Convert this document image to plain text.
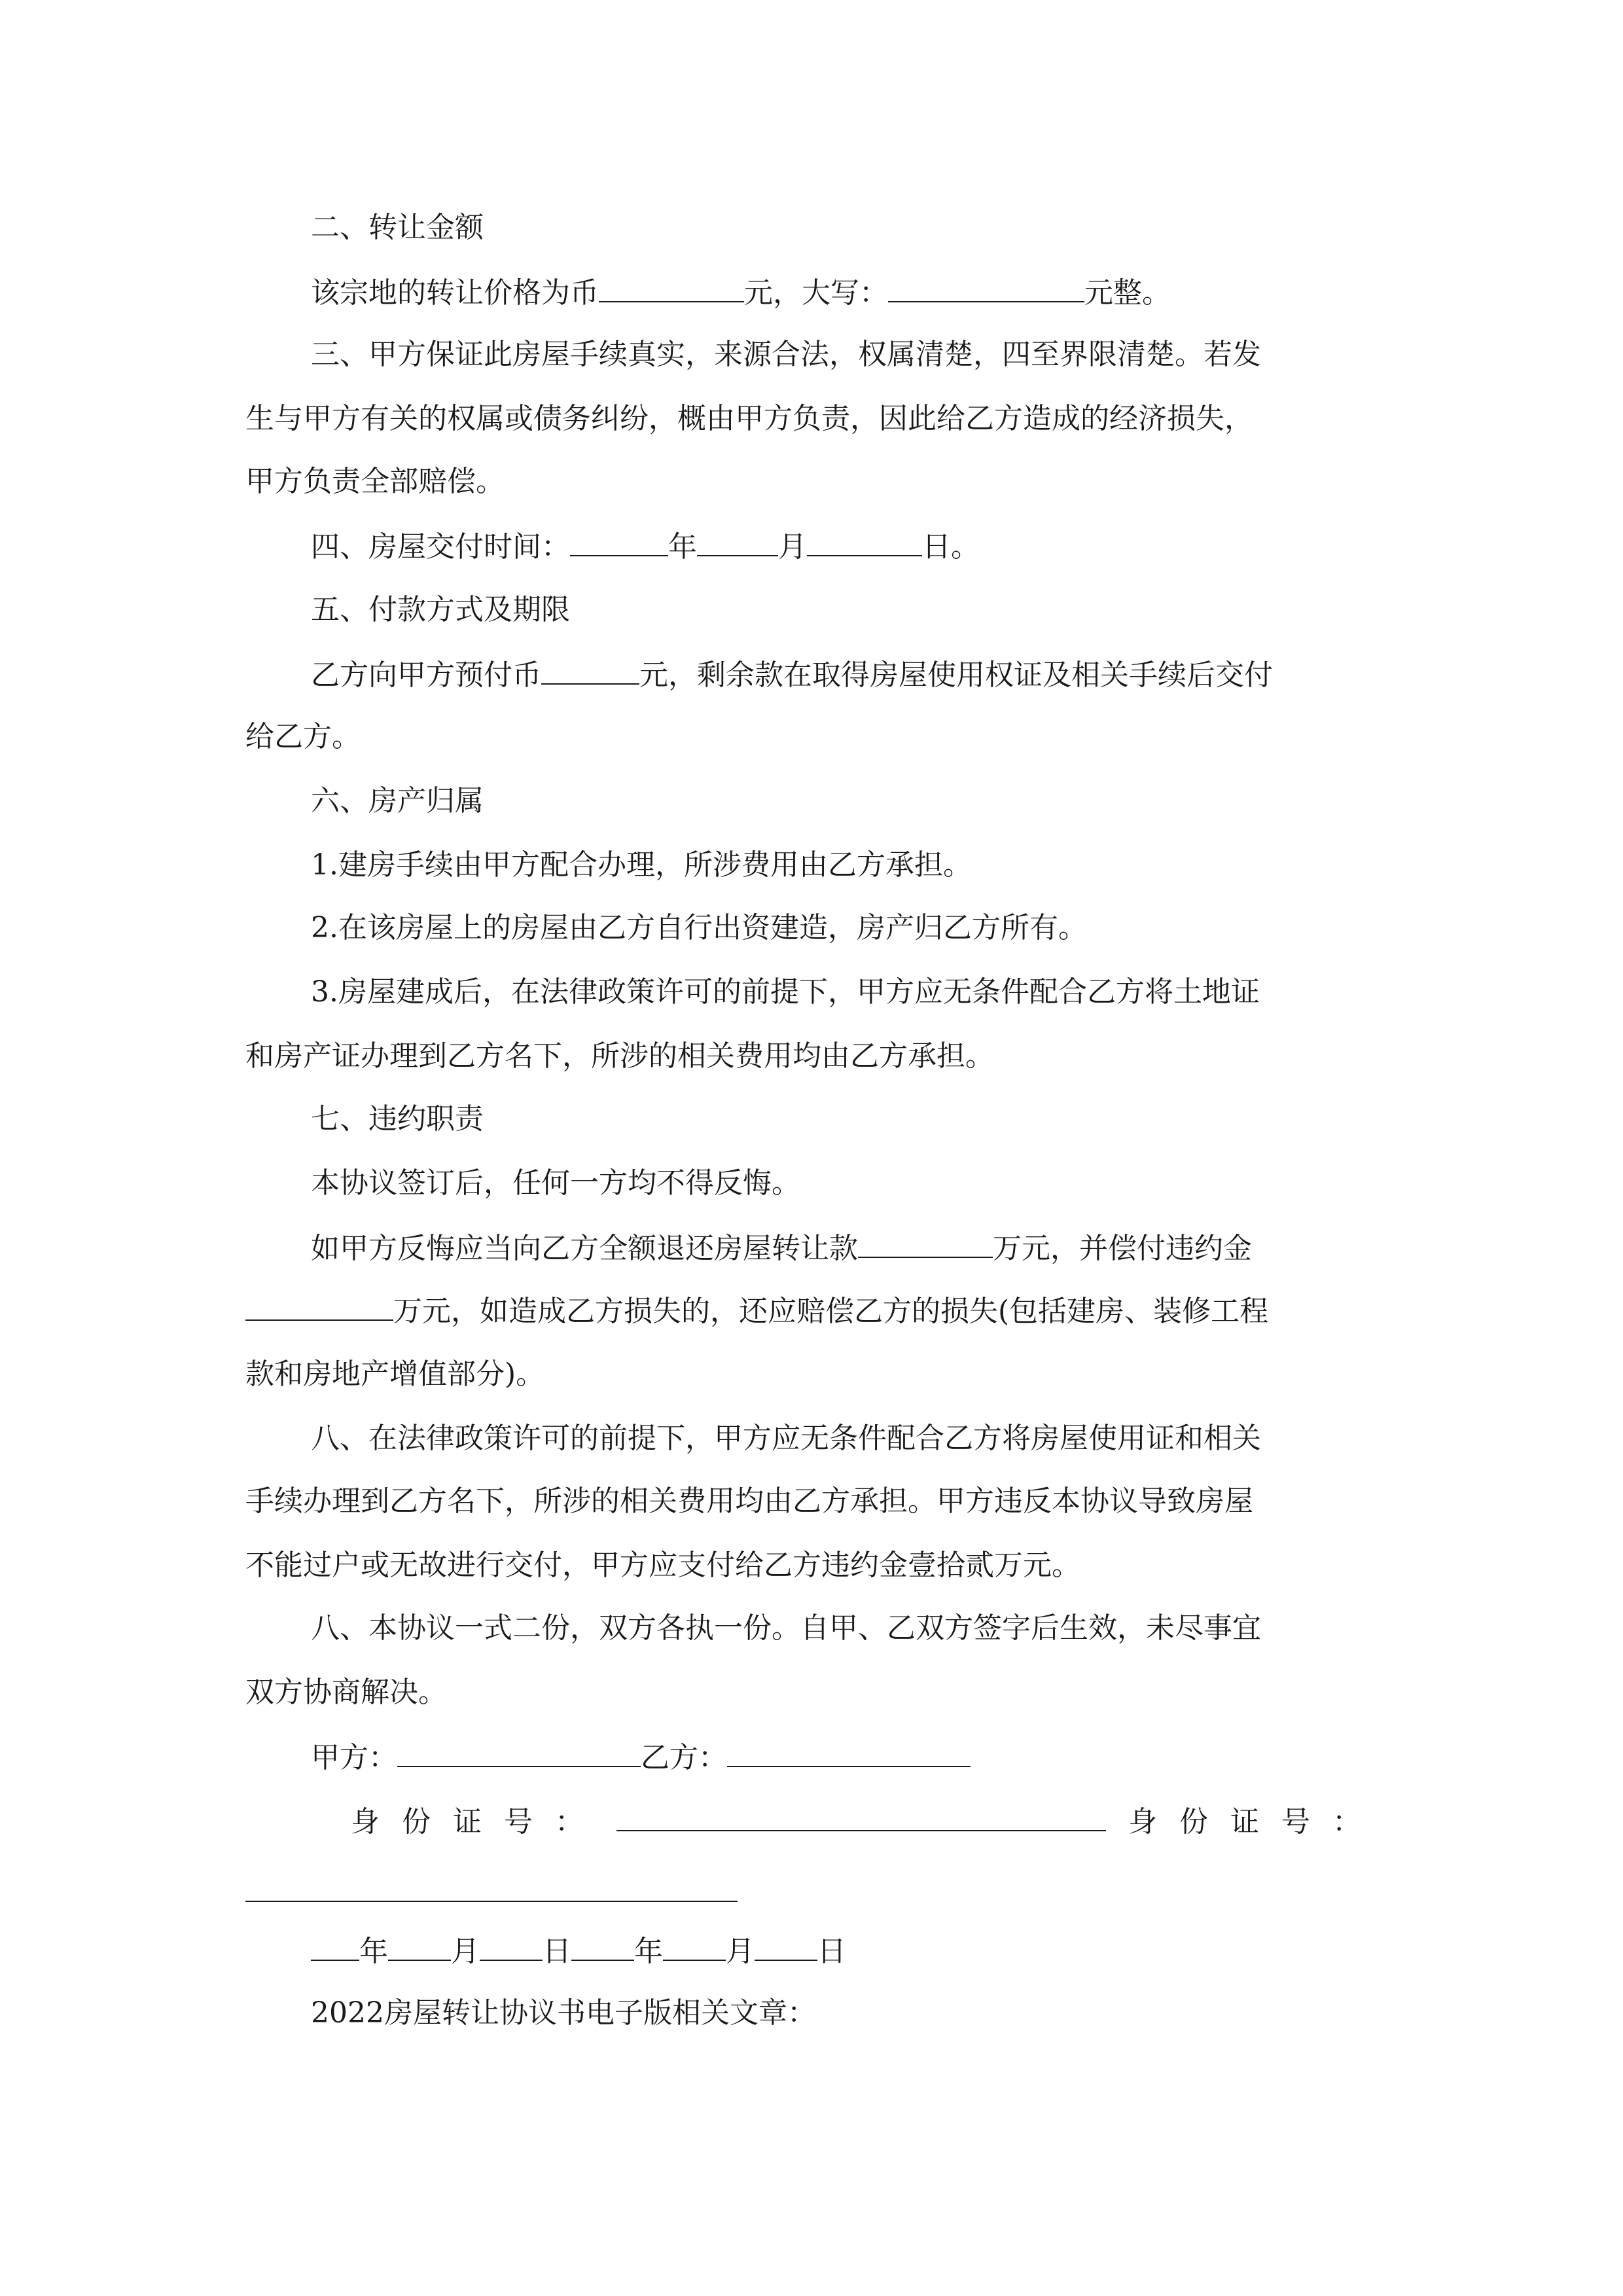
二、转让金额
该宗地的转让价格为币	元，大写：	元整。
三、甲方保证此房屋手续真实，来源合法，权属清楚，四至界限清楚。若发
生与甲方有关的权属或债务纠纷，概由甲方负责，因此给乙方造成的经济损失，
甲方负责全部赔偿。
四、房屋交付时间：	年	月	日。
五、付款方式及期限
乙方向甲方预付币	元，剩余款在取得房屋使用权证及相关手续后交付
给乙方。
六、房产归属
1.建房手续由甲方配合办理，所涉费用由乙方承担。
2.在该房屋上的房屋由乙方自行出资建造，房产归乙方所有。
3.房屋建成后，在法律政策许可的前提下，甲方应无条件配合乙方将土地证
和房产证办理到乙方名下，所涉的相关费用均由乙方承担。
七、违约职责
本协议签订后，任何一方均不得反悔。
如甲方反悔应当向乙方全额退还房屋转让款	万元，并偿付违约金
万元，如造成乙方损失的，还应赔偿乙方的损失(包括建房、装修工程
款和房地产增值部分)。
八、在法律政策许可的前提下，甲方应无条件配合乙方将房屋使用证和相关
手续办理到乙方名下，所涉的相关费用均由乙方承担。甲方违反本协议导致房屋
不能过户或无故进行交付，甲方应支付给乙方违约金壹拾贰万元。
八、本协议一式二份，双方各执一份。自甲、乙双方签字后生效，未尽事宜
双方协商解决。
甲方：	乙方：
身份证号：	身份证号：
年 月 日 年 月 日
2022房屋转让协议书电子版相关文章：
